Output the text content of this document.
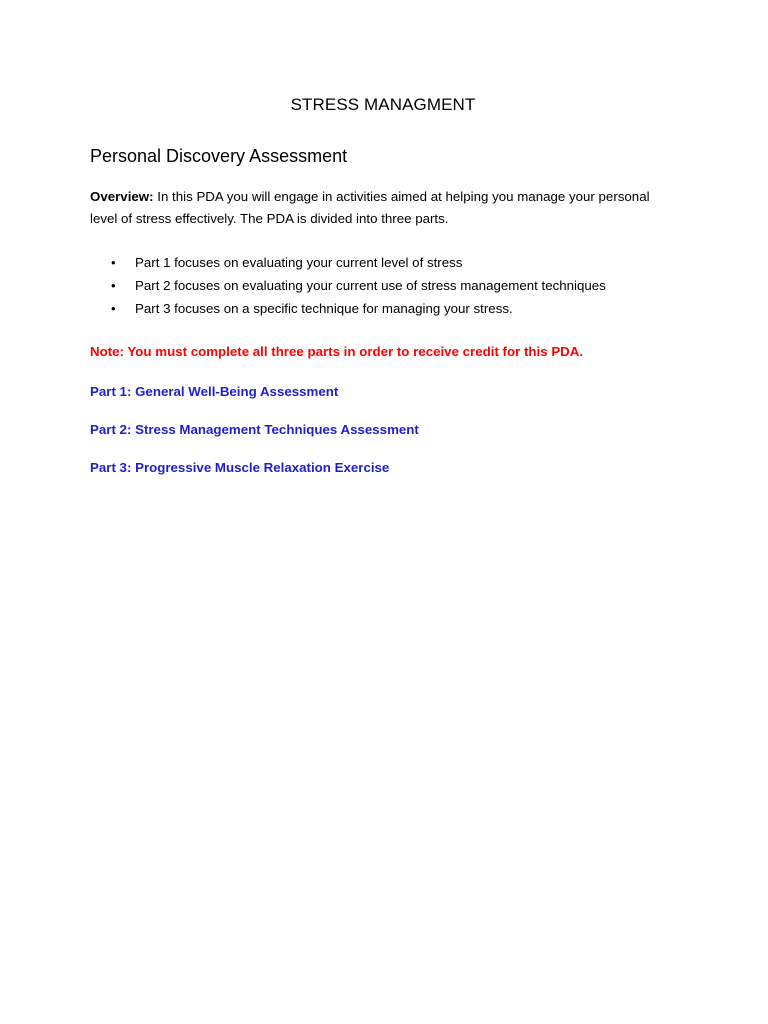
STRESS MANAGMENT
Personal Discovery Assessment

Overview: In this PDA you will engage in activities aimed at helping you manage your personal
level of stress effectively. The PDA is divided into three parts.

• Part 1 focuses on evaluating your current level of stress
• Part 2 focuses on evaluating your current use of stress management techniques
• Part 3 focuses on a specific technique for managing your stress.

Note: You must complete all three parts in order to receive credit for this PDA.

Part 1: General Well-Being Assessment
Part 2: Stress Management Techniques Assessment
Part 3: Progressive Muscle Relaxation Exercise
